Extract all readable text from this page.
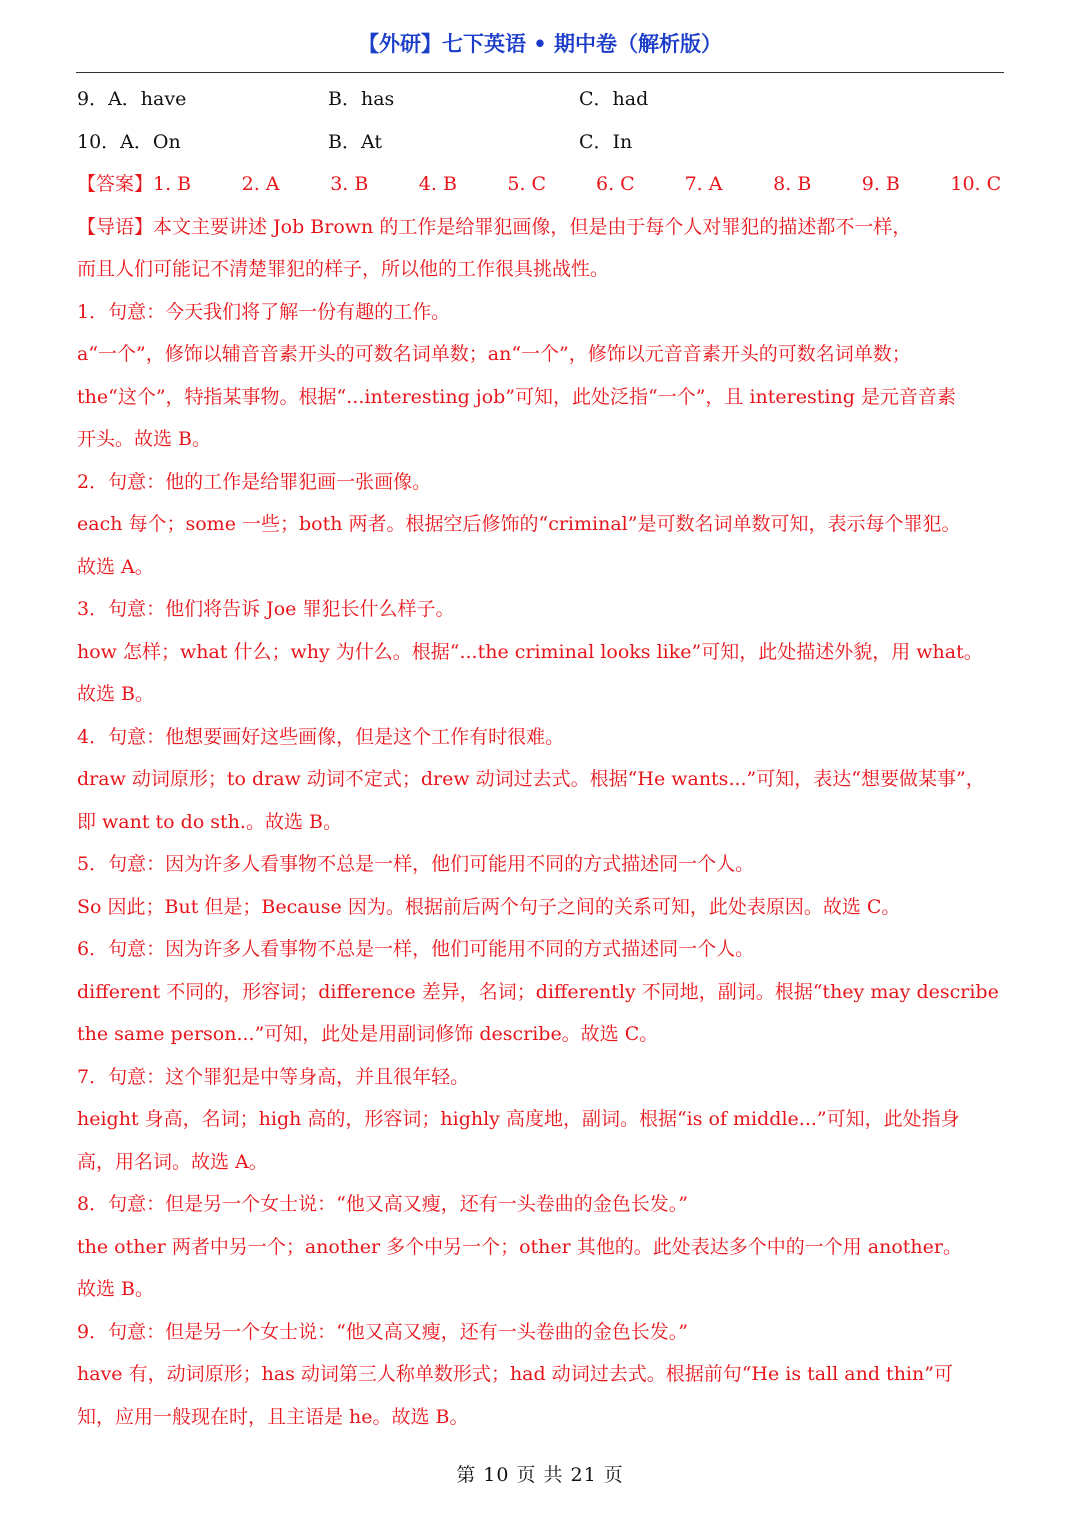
【外研】七下英语 • 期中卷（解析版）
9．A．have	B．has	C．had
10．A．On	B．At	C．In
【答案】1. B	2. A	3. B	4. B	5. C	6. C	7. A	8. B	9. B	10. C
【导语】本文主要讲述 Job Brown 的工作是给罪犯画像，但是由于每个人对罪犯的描述都不一样，
而且人们可能记不清楚罪犯的样子，所以他的工作很具挑战性。
1．句意：今天我们将了解一份有趣的工作。
a“一个”，修饰以辅音音素开头的可数名词单数；an“一个”，修饰以元音音素开头的可数名词单数；
the“这个”，特指某事物。根据“...interesting job”可知，此处泛指“一个”，且 interesting 是元音音素
开头。故选 B。
2．句意：他的工作是给罪犯画一张画像。
each 每个；some 一些；both 两者。根据空后修饰的“criminal”是可数名词单数可知，表示每个罪犯。
故选 A。
3．句意：他们将告诉 Joe 罪犯长什么样子。
how 怎样；what 什么；why 为什么。根据“...the criminal looks like”可知，此处描述外貌，用 what。
故选 B。
4．句意：他想要画好这些画像，但是这个工作有时很难。
draw 动词原形；to draw 动词不定式；drew 动词过去式。根据“He wants...”可知，表达“想要做某事”，
即 want to do sth.。故选 B。
5．句意：因为许多人看事物不总是一样，他们可能用不同的方式描述同一个人。
So 因此；But 但是；Because 因为。根据前后两个句子之间的关系可知，此处表原因。故选 C。
6．句意：因为许多人看事物不总是一样，他们可能用不同的方式描述同一个人。
different 不同的，形容词；difference 差异，名词；differently 不同地，副词。根据“they may describe
the same person...”可知，此处是用副词修饰 describe。故选 C。
7．句意：这个罪犯是中等身高，并且很年轻。
height 身高，名词；high 高的，形容词；highly 高度地，副词。根据“is of middle...”可知，此处指身
高，用名词。故选 A。
8．句意：但是另一个女士说：“他又高又瘦，还有一头卷曲的金色长发。”
the other 两者中另一个；another 多个中另一个；other 其他的。此处表达多个中的一个用 another。
故选 B。
9．句意：但是另一个女士说：“他又高又瘦，还有一头卷曲的金色长发。”
have 有，动词原形；has 动词第三人称单数形式；had 动词过去式。根据前句“He is tall and thin”可
知，应用一般现在时，且主语是 he。故选 B。
第 10 页 共 21 页
